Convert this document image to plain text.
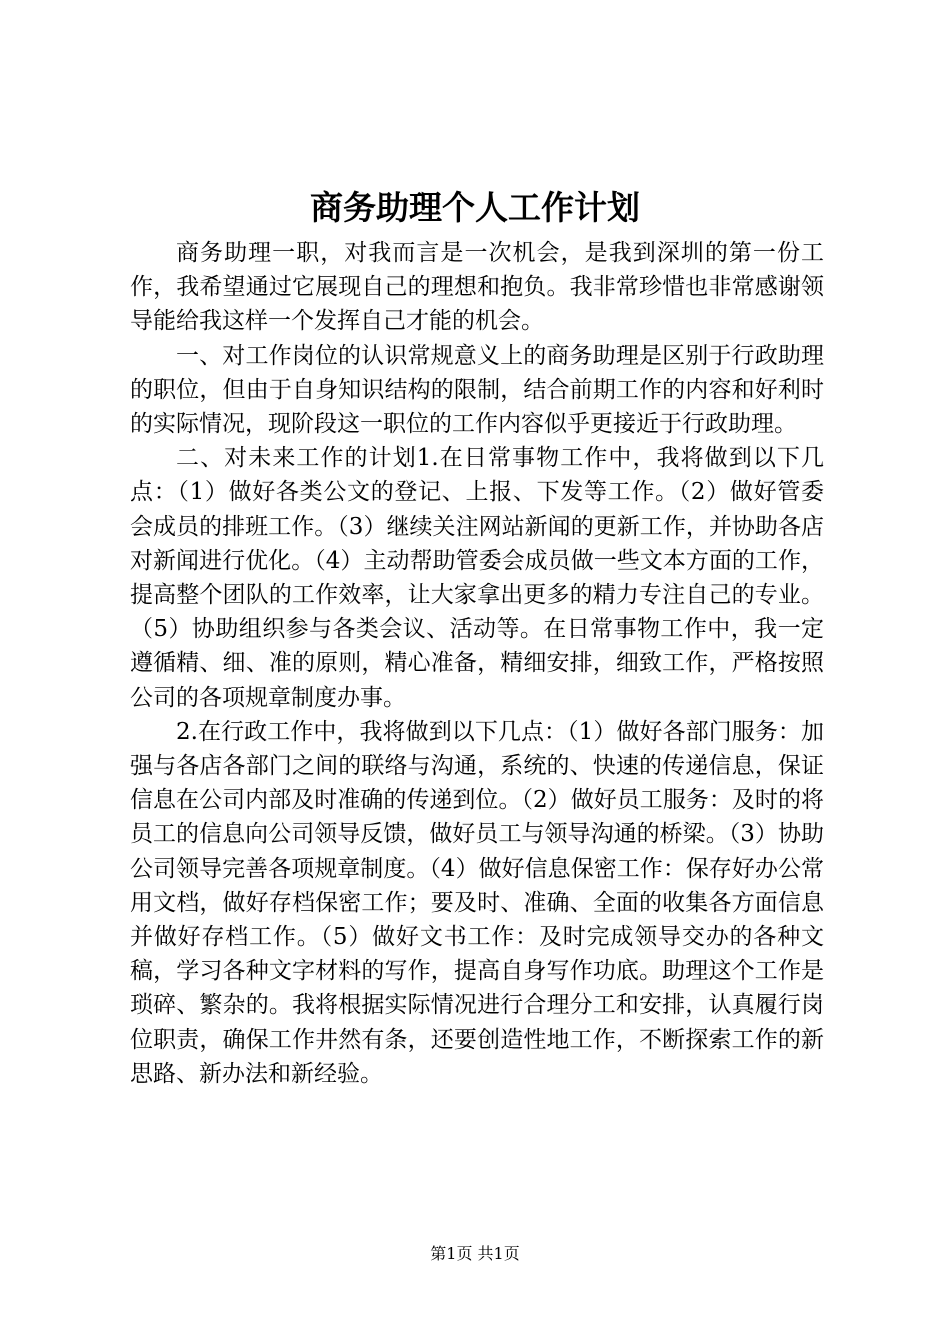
商务助理个人工作计划

商务助理一职，对我而言是一次机会，是我到深圳的第一份工作，我希望通过它展现自己的理想和抱负。我非常珍惜也非常感谢领导能给我这样一个发挥自己才能的机会。

一、对工作岗位的认识常规意义上的商务助理是区别于行政助理的职位，但由于自身知识结构的限制，结合前期工作的内容和好利时的实际情况，现阶段这一职位的工作内容似乎更接近于行政助理。

二、对未来工作的计划1.在日常事物工作中，我将做到以下几点：（1）做好各类公文的登记、上报、下发等工作。（2）做好管委会成员的排班工作。（3）继续关注网站新闻的更新工作，并协助各店对新闻进行优化。（4）主动帮助管委会成员做一些文本方面的工作，提高整个团队的工作效率，让大家拿出更多的精力专注自己的专业。（5）协助组织参与各类会议、活动等。在日常事物工作中，我一定遵循精、细、准的原则，精心准备，精细安排，细致工作，严格按照公司的各项规章制度办事。

2.在行政工作中，我将做到以下几点：（1）做好各部门服务：加强与各店各部门之间的联络与沟通，系统的、快速的传递信息，保证信息在公司内部及时准确的传递到位。（2）做好员工服务：及时的将员工的信息向公司领导反馈，做好员工与领导沟通的桥梁。（3）协助公司领导完善各项规章制度。（4）做好信息保密工作：保存好办公常用文档，做好存档保密工作；要及时、准确、全面的收集各方面信息并做好存档工作。（5）做好文书工作：及时完成领导交办的各种文稿，学习各种文字材料的写作，提高自身写作功底。助理这个工作是琐碎、繁杂的。我将根据实际情况进行合理分工和安排，认真履行岗位职责，确保工作井然有条，还要创造性地工作，不断探索工作的新思路、新办法和新经验。

第1页 共1页
